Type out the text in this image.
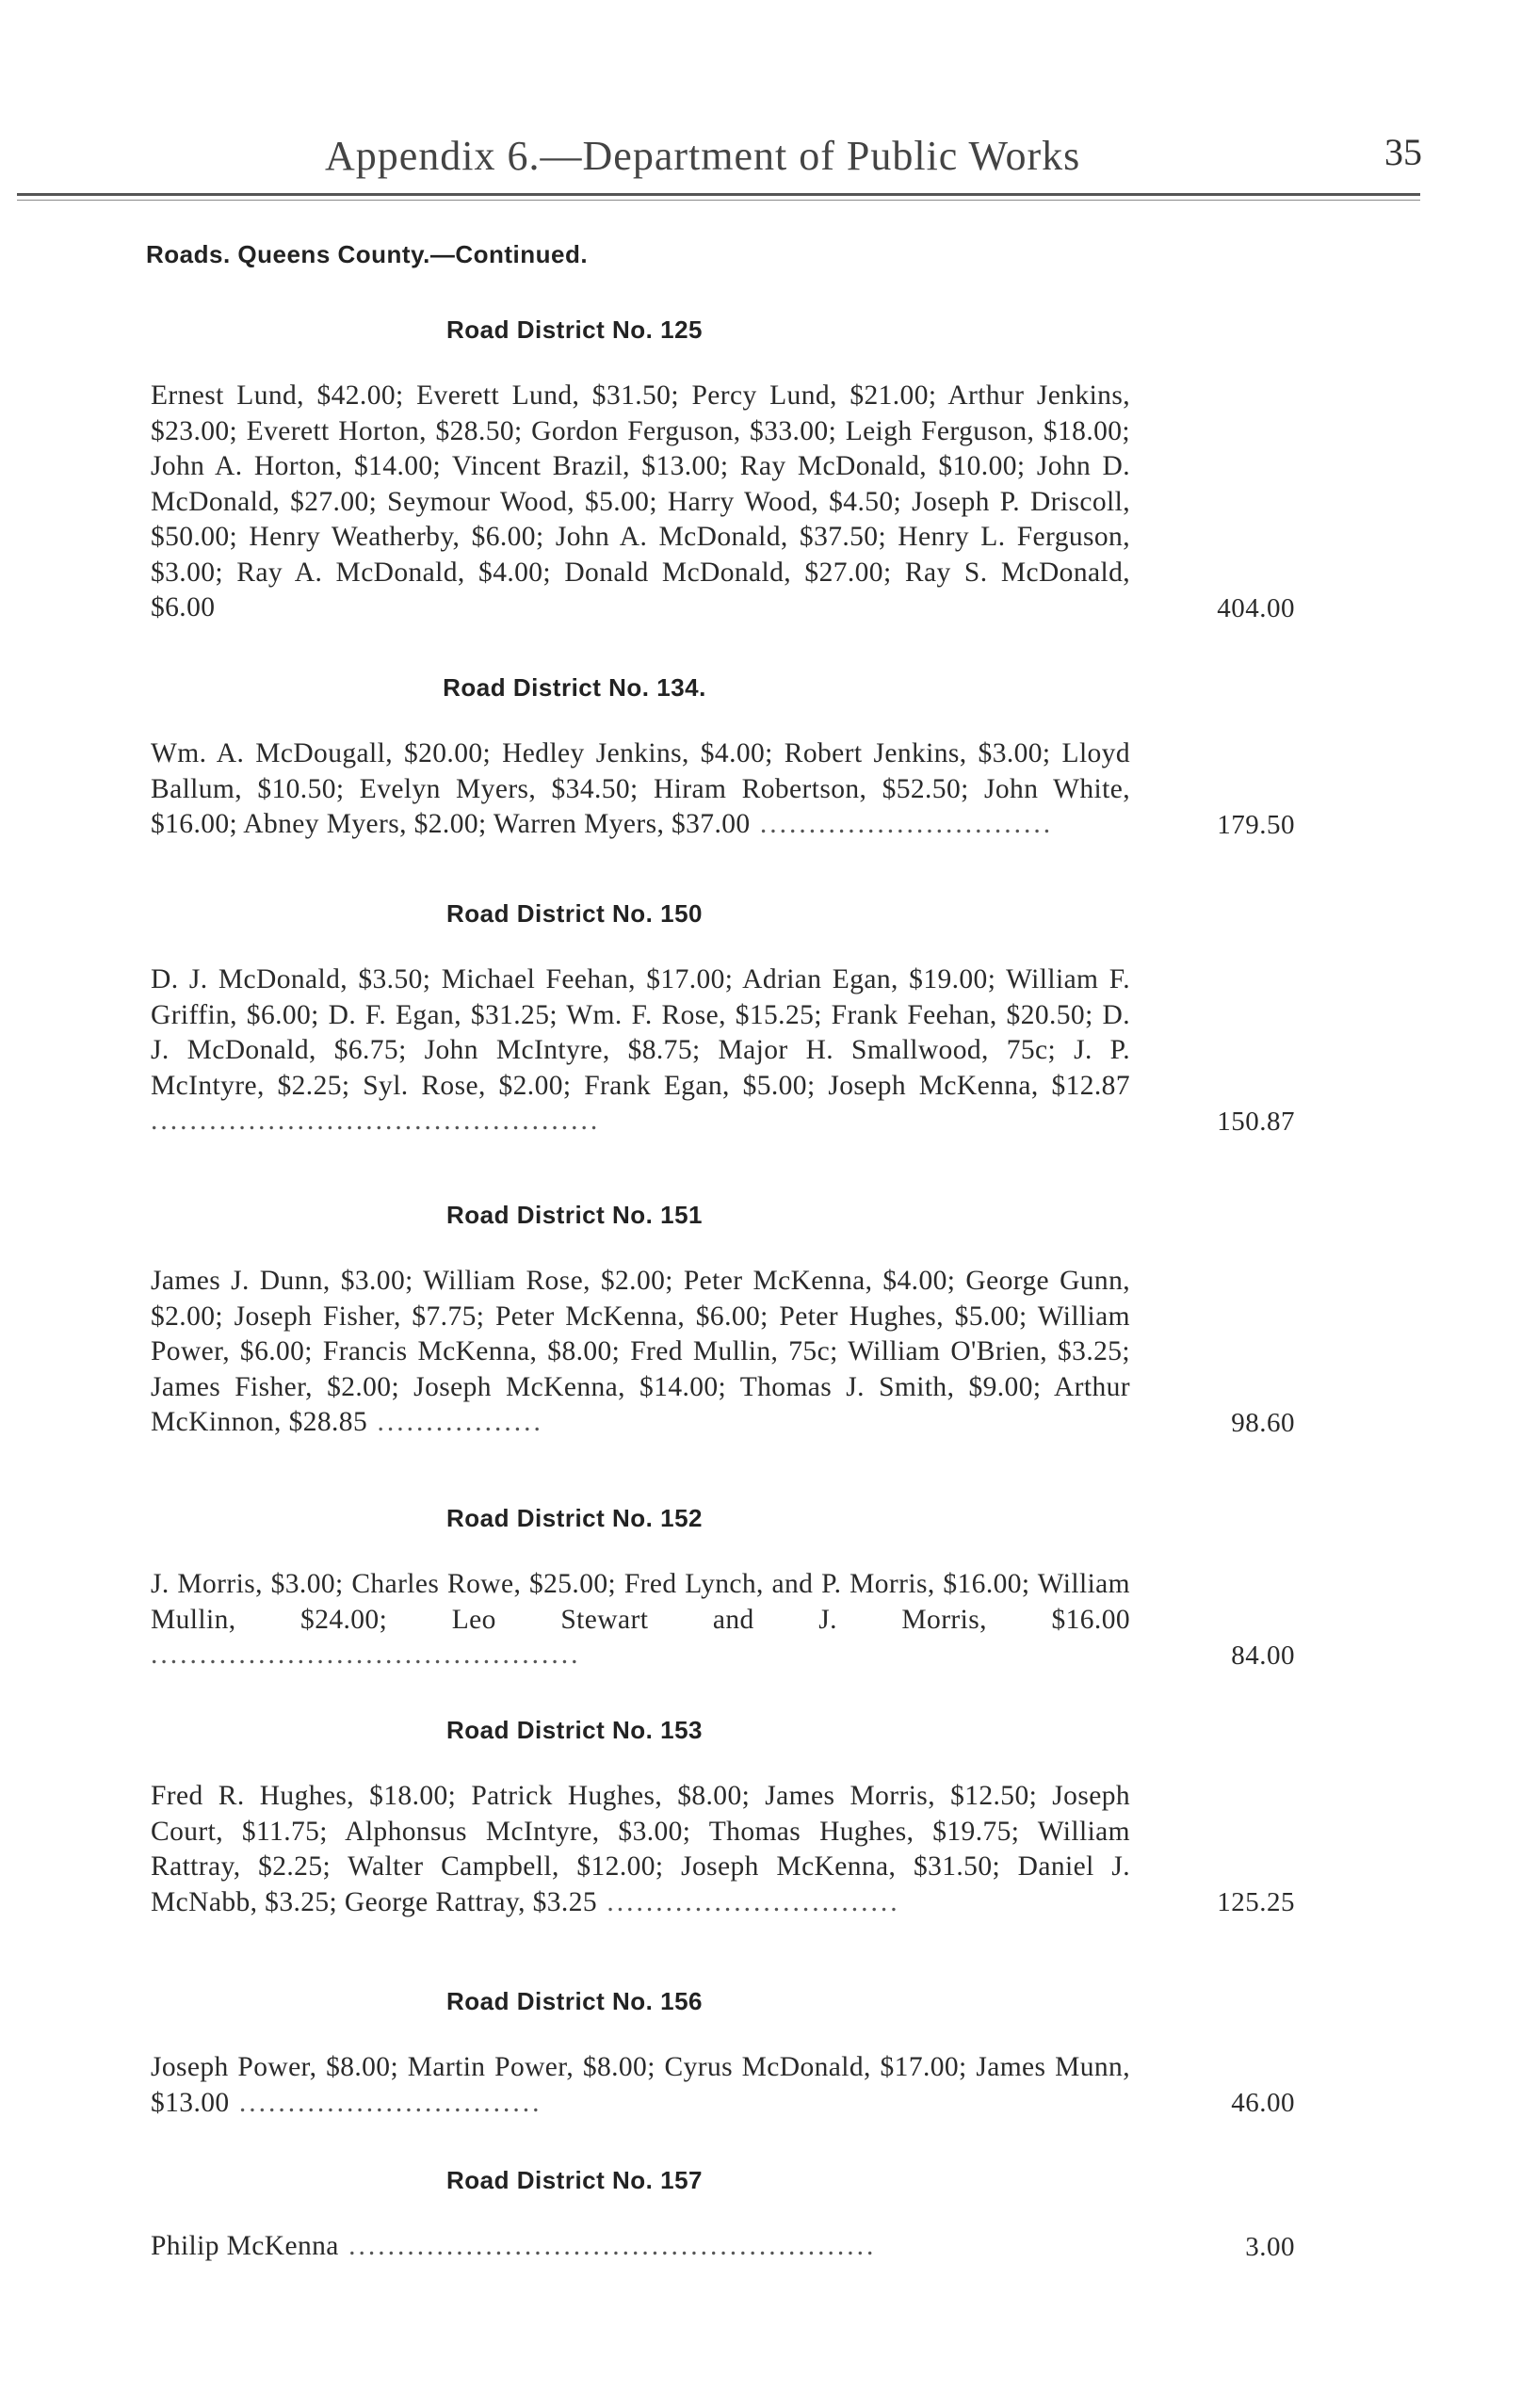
Appendix 6.—Department of Public Works	35
Roads. Queens County.—Continued.
Road District No. 125
Ernest Lund, $42.00; Everett Lund, $31.50; Percy Lund, $21.00; Arthur Jenkins, $23.00; Everett Horton, $28.50; Gordon Ferguson, $33.00; Leigh Ferguson, $18.00; John A. Horton, $14.00; Vincent Brazil, $13.00; Ray McDonald, $10.00; John D. McDonald, $27.00; Seymour Wood, $5.00; Harry Wood, $4.50; Joseph P. Driscoll, $50.00; Henry Weatherby, $6.00; John A. McDonald, $37.50; Henry L. Ferguson, $3.00; Ray A. McDonald, $4.00; Donald McDonald, $27.00; Ray S. McDonald, $6.00	404.00
Road District No. 134.
Wm. A. McDougall, $20.00; Hedley Jenkins, $4.00; Robert Jenkins, $3.00; Lloyd Ballum, $10.50; Evelyn Myers, $34.50; Hiram Robertson, $52.50; John White, $16.00; Abney Myers, $2.00; Warren Myers, $37.00 ..............................	179.50
Road District No. 150
D. J. McDonald, $3.50; Michael Feehan, $17.00; Adrian Egan, $19.00; William F. Griffin, $6.00; D. F. Egan, $31.25; Wm. F. Rose, $15.25; Frank Feehan, $20.50; D. J. McDonald, $6.75; John McIntyre, $8.75; Major H. Smallwood, 75c; J. P. McIntyre, $2.25; Syl. Rose, $2.00; Frank Egan, $5.00; Joseph McKenna, $12.87 ..............................................	150.87
Road District No. 151
James J. Dunn, $3.00; William Rose, $2.00; Peter McKenna, $4.00; George Gunn, $2.00; Joseph Fisher, $7.75; Peter McKenna, $6.00; Peter Hughes, $5.00; William Power, $6.00; Francis McKenna, $8.00; Fred Mullin, 75c; William O'Brien, $3.25; James Fisher, $2.00; Joseph McKenna, $14.00; Thomas J. Smith, $9.00; Arthur McKinnon, $28.85 .................	98.60
Road District No. 152
J. Morris, $3.00; Charles Rowe, $25.00; Fred Lynch, and P. Morris, $16.00; William Mullin, $24.00; Leo Stewart and J. Morris, $16.00 ............................................	84.00
Road District No. 153
Fred R. Hughes, $18.00; Patrick Hughes, $8.00; James Morris, $12.50; Joseph Court, $11.75; Alphonsus McIntyre, $3.00; Thomas Hughes, $19.75; William Rattray, $2.25; Walter Campbell, $12.00; Joseph McKenna, $31.50; Daniel J. McNabb, $3.25; George Rattray, $3.25 ..............................	125.25
Road District No. 156
Joseph Power, $8.00; Martin Power, $8.00; Cyrus McDonald, $17.00; James Munn, $13.00 ...............................	46.00
Road District No. 157
Philip McKenna ......................................................	3.00
